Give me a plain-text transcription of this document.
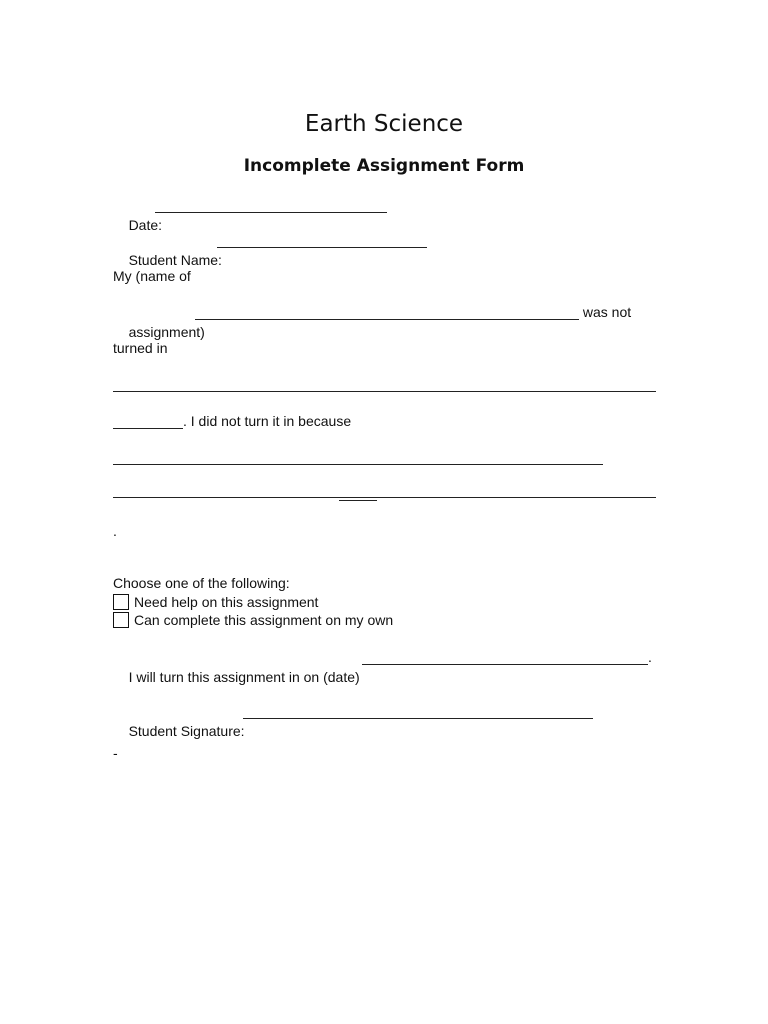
Earth Science
Incomplete Assignment Form

Date:

Student Name:

My (name of

assignment)

was not
turned in
. I did not turn it in because
.
Choose one of the following:
Need help on this assignment
Can complete this assignment on my own

I will turn this assignment in on (date)

.

Student Signature:

-
